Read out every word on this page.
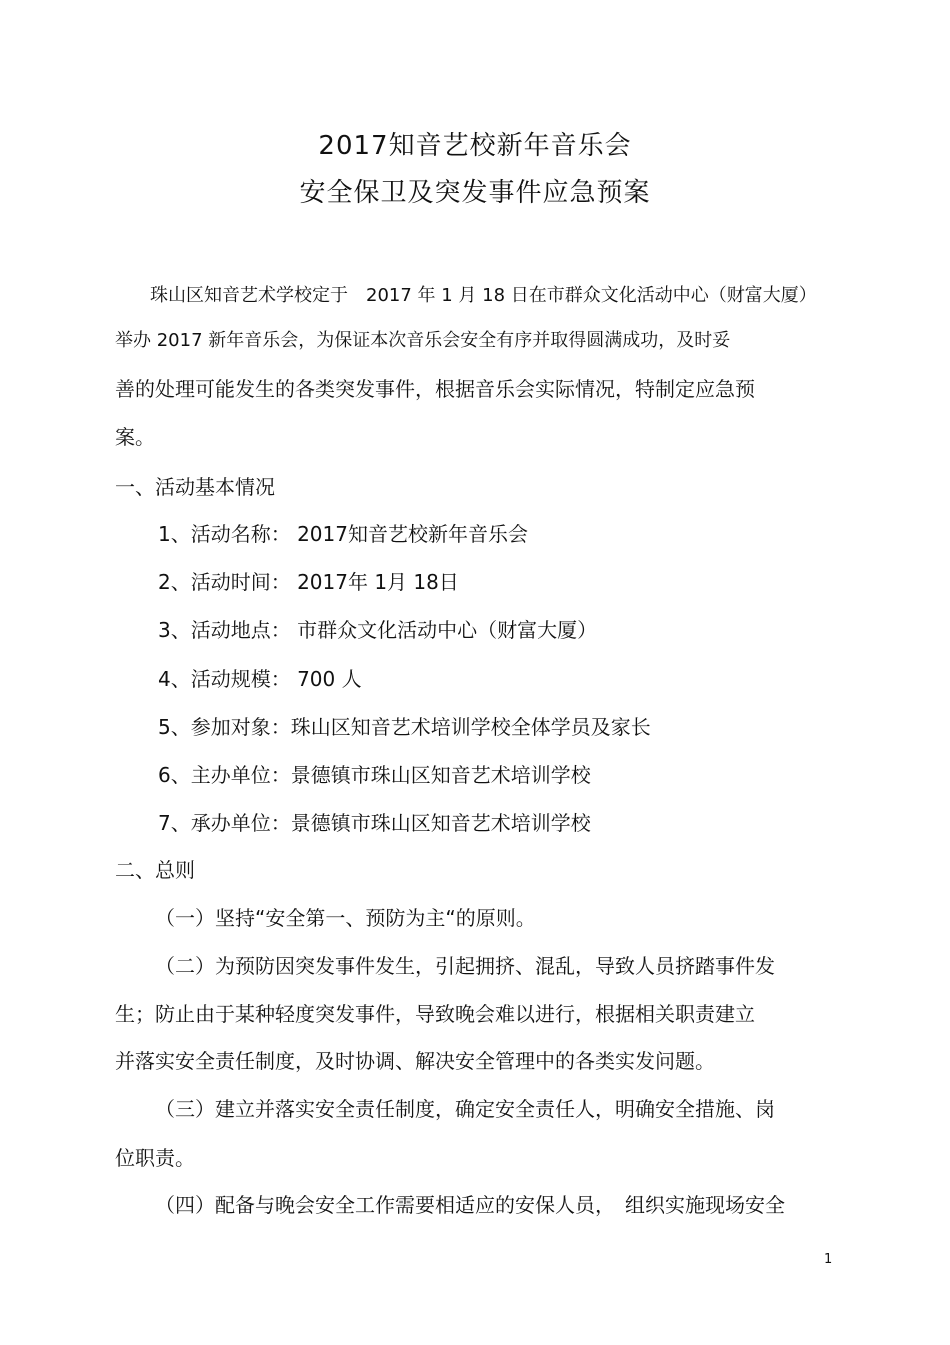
2017知音艺校新年音乐会
安全保卫及突发事件应急预案
珠山区知音艺术学校定于　2017 年 1 月 18 日在市群众文化活动中心（财富大厦）
举办 2017 新年音乐会，为保证本次音乐会安全有序并取得圆满成功，及时妥
善的处理可能发生的各类突发事件，根据音乐会实际情况，特制定应急预
案。
一、活动基本情况
1、活动名称： 2017知音艺校新年音乐会
2、活动时间： 2017年 1月 18日
3、活动地点： 市群众文化活动中心（财富大厦）
4、活动规模： 700 人
5、参加对象：珠山区知音艺术培训学校全体学员及家长
6、主办单位：景德镇市珠山区知音艺术培训学校
7、承办单位：景德镇市珠山区知音艺术培训学校
二、总则
（一）坚持“安全第一、预防为主“的原则。
（二）为预防因突发事件发生，引起拥挤、混乱，导致人员挤踏事件发
生；防止由于某种轻度突发事件，导致晚会难以进行，根据相关职责建立
并落实安全责任制度，及时协调、解决安全管理中的各类实发问题。
（三）建立并落实安全责任制度，确定安全责任人，明确安全措施、岗
位职责。
（四）配备与晚会安全工作需要相适应的安保人员，　组织实施现场安全
1
